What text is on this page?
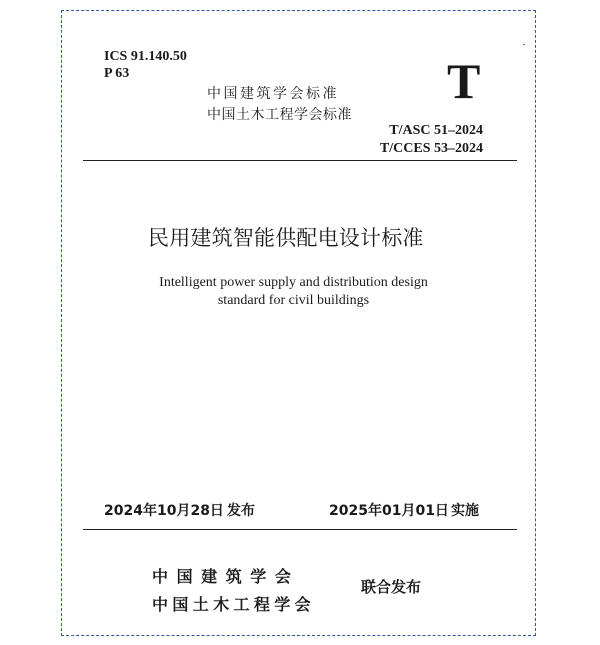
ICS 91.140.50
P 63
中国建筑学会标准
中国土木工程学会标准
T
T/ASC 51–2024
T/CCES 53–2024
民用建筑智能供配电设计标准
Intelligent power supply and distribution design
standard for civil buildings
2024年10月28日 发布	2025年01月01日 实施
中 国 建 筑 学 会
中 国 土 木 工 程 学 会
联合发布
